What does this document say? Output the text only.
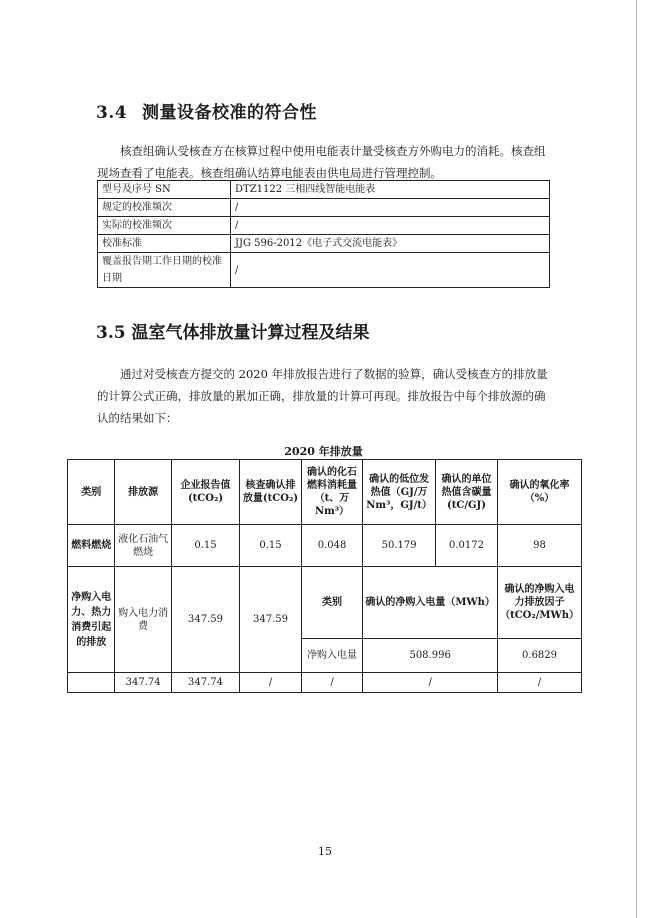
3.4 测量设备校准的符合性

核查组确认受核查方在核算过程中使用电能表计量受核查方外购电力的消耗。核查组现场查看了电能表。核查组确认结算电能表由供电局进行管理控制。

型号及序号 SN	DTZ1122 三相四线智能电能表
规定的校准频次	/
实际的校准频次	/
校准标准	JJG 596-2012《电子式交流电能表》
覆盖报告期工作日期的校准日期	/
3.5 温室气体排放量计算过程及结果

通过对受核查方提交的 2020 年排放报告进行了数据的验算，确认受核查方的排放量的计算公式正确，排放量的累加正确，排放量的计算可再现。排放报告中每个排放源的确认的结果如下：

2020 年排放量
类别	排放源	企业报告值(tCO₂)	核查确认排放量(tCO₂)	确认的化石燃料消耗量（t、万 Nm³）	确认的低位发热值（GJ/万 Nm³，GJ/t）	确认的单位热值含碳量(tC/GJ)	确认的氧化率（%）
燃料燃烧	液化石油气燃烧	0.15	0.15	0.048	50.179	0.0172	98
净购入电力、热力消费引起的排放	购入电力消费	347.59	347.59	类别	确认的净购入电量（MWh）		确认的净购入电力排放因子（tCO₂/MWh）
				净购入电量	508.996		0.6829
	347.74	347.74	/	/	/		/
15
